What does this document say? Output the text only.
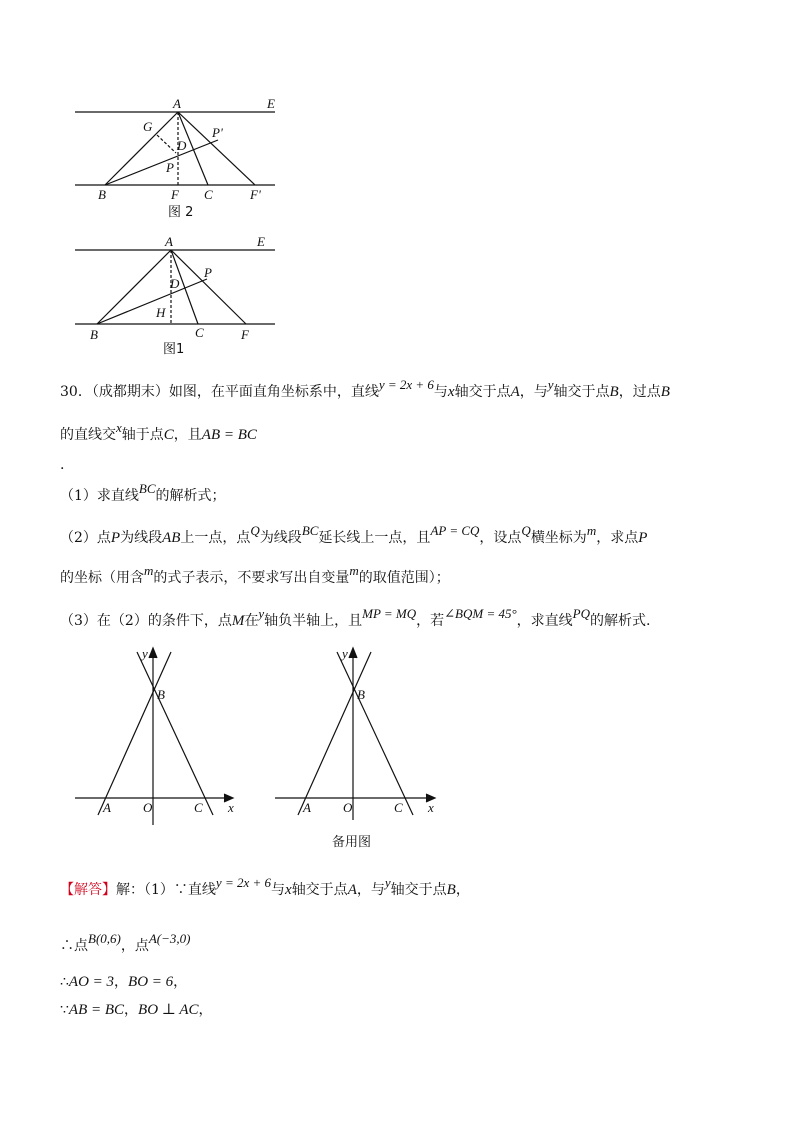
A	E
G
D
P'
P
B	F C	F'
图 2
A	E
P
D
H
B	C	F
图1
30．（成都期末）如图，在平面直角坐标系中，直线y = 2x + 6与x轴交于点A，与y轴交于点B，过点B
的直线交x轴于点C，且AB = BC
.
（1）求直线BC的解析式；
（2）点P为线段AB上一点，点Q为线段BC延长线上一点，且AP = CQ，设点Q横坐标为m，求点P
的坐标（用含m的式子表示，不要求写出自变量m的取值范围）；
（3）在（2）的条件下，点M在y轴负半轴上，且MP = MQ，若∠BQM = 45°，求直线PQ的解析式.
y
x
B
A O	C
y
x
B
A O	C
备用图
【解答】解：（1）∵直线y = 2x + 6与x轴交于点A，与y轴交于点B，
∴点B(0,6)，点A(−3,0)
∴AO = 3，BO = 6，
∵AB = BC，BO ⊥ AC，
